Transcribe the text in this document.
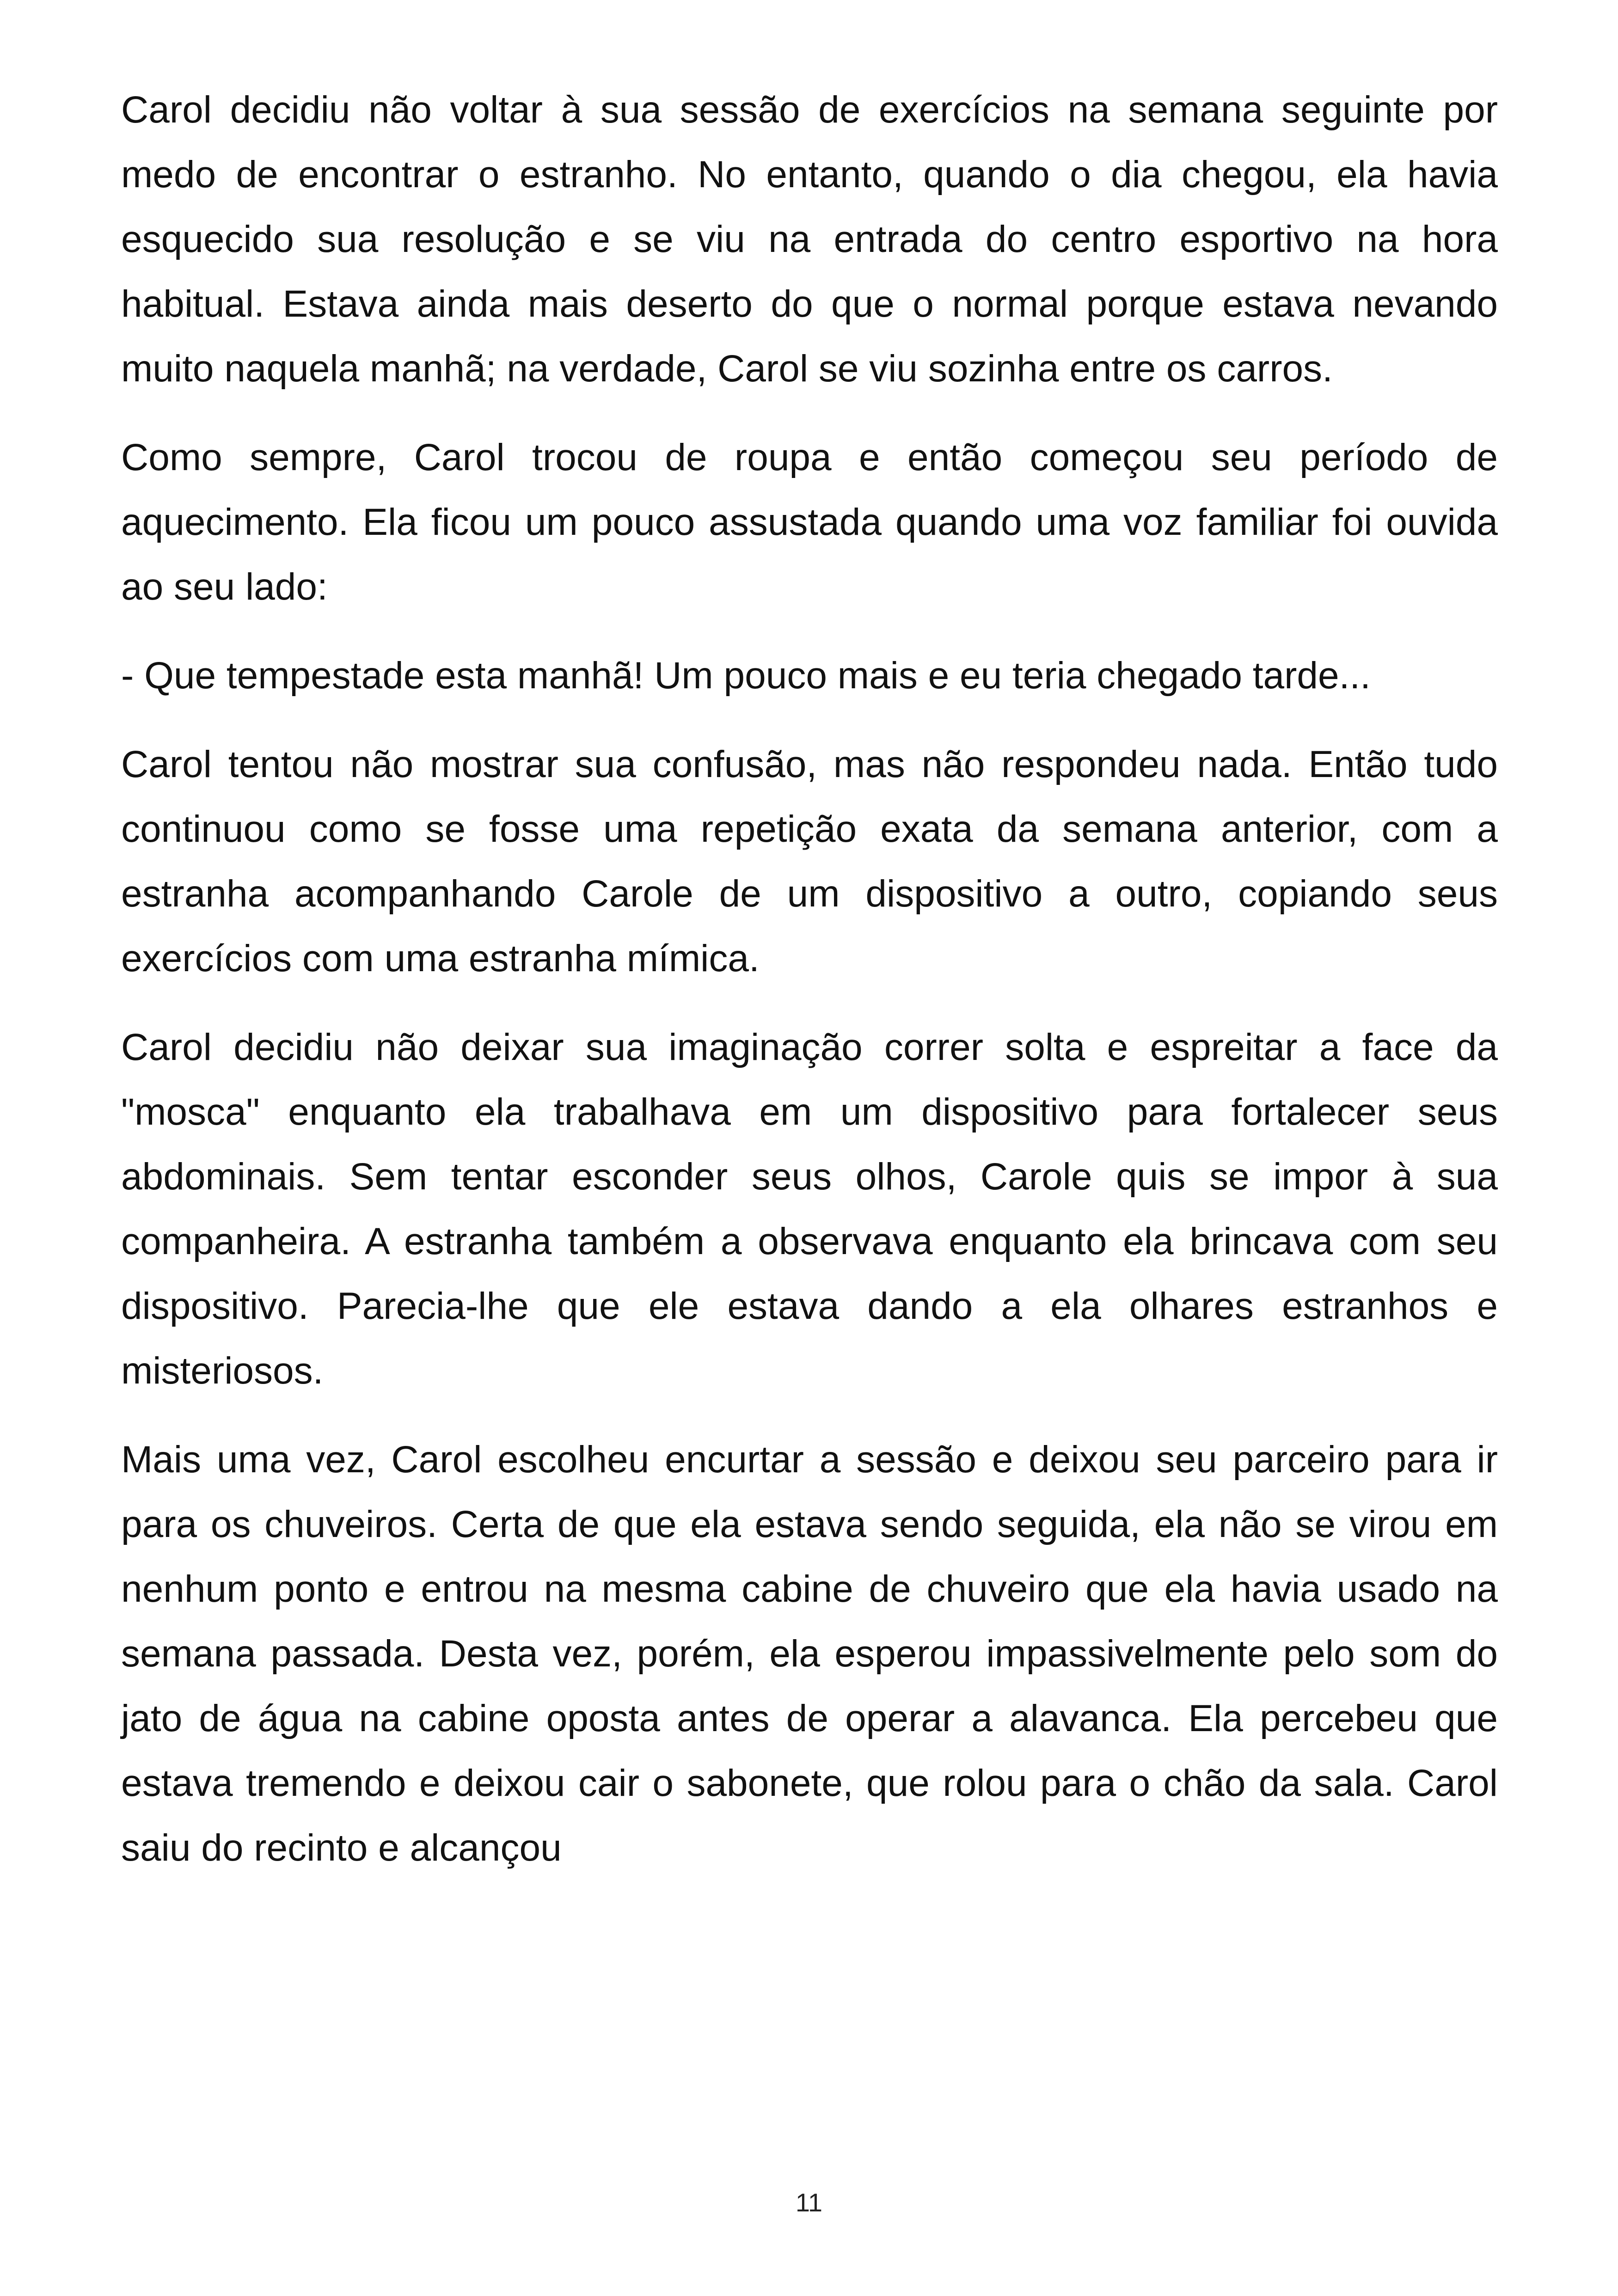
Carol decidiu não voltar à sua sessão de exercícios na semana seguinte por medo de encontrar o estranho. No entanto, quando o dia chegou, ela havia esquecido sua resolução e se viu na entrada do centro esportivo na hora habitual. Estava ainda mais deserto do que o normal porque estava nevando muito naquela manhã; na verdade, Carol se viu sozinha entre os carros.

Como sempre, Carol trocou de roupa e então começou seu período de aquecimento. Ela ficou um pouco assustada quando uma voz familiar foi ouvida ao seu lado:

- Que tempestade esta manhã! Um pouco mais e eu teria chegado tarde...

Carol tentou não mostrar sua confusão, mas não respondeu nada. Então tudo continuou como se fosse uma repetição exata da semana anterior, com a estranha acompanhando Carole de um dispositivo a outro, copiando seus exercícios com uma estranha mímica.

Carol decidiu não deixar sua imaginação correr solta e espreitar a face da "mosca" enquanto ela trabalhava em um dispositivo para fortalecer seus abdominais. Sem tentar esconder seus olhos, Carole quis se impor à sua companheira. A estranha também a observava enquanto ela brincava com seu dispositivo. Parecia-lhe que ele estava dando a ela olhares estranhos e misteriosos.

Mais uma vez, Carol escolheu encurtar a sessão e deixou seu parceiro para ir para os chuveiros. Certa de que ela estava sendo seguida, ela não se virou em nenhum ponto e entrou na mesma cabine de chuveiro que ela havia usado na semana passada. Desta vez, porém, ela esperou impassivelmente pelo som do jato de água na cabine oposta antes de operar a alavanca. Ela percebeu que estava tremendo e deixou cair o sabonete, que rolou para o chão da sala. Carol saiu do recinto e alcançou

11
